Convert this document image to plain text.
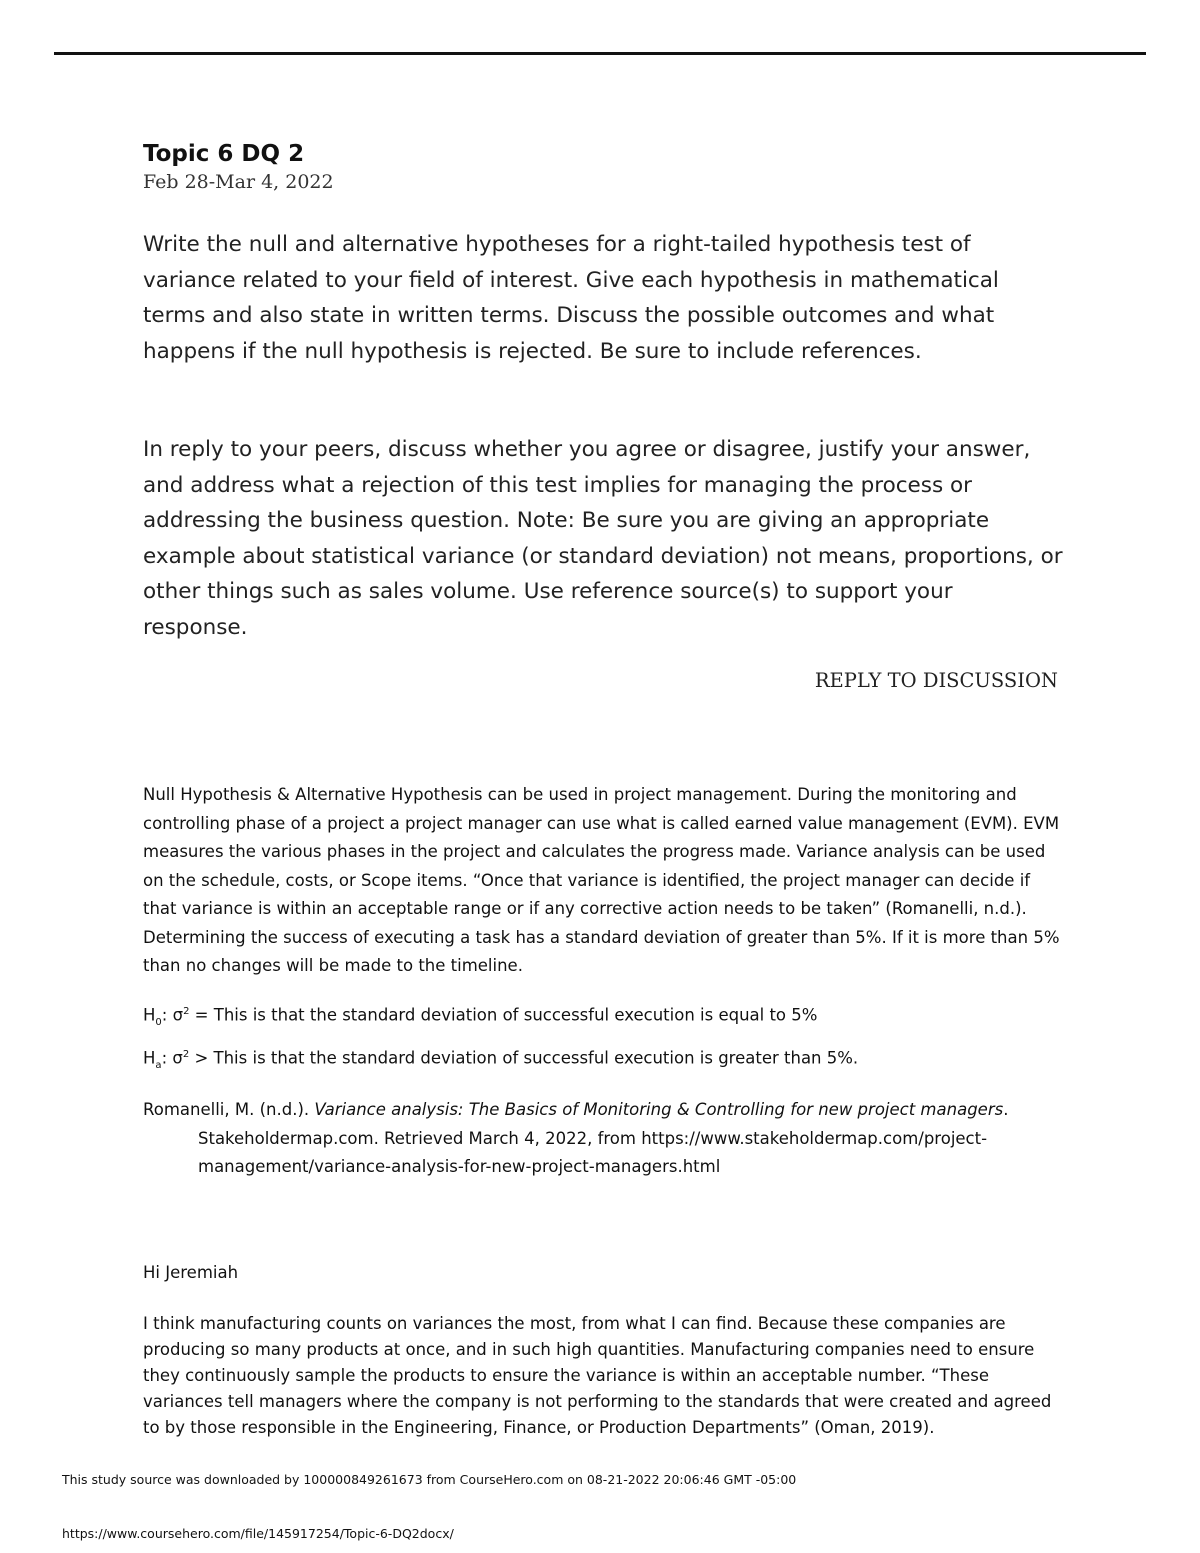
Topic 6 DQ 2
Feb 28-Mar 4, 2022

Write the null and alternative hypotheses for a right-tailed hypothesis test of variance related to your field of interest. Give each hypothesis in mathematical terms and also state in written terms. Discuss the possible outcomes and what happens if the null hypothesis is rejected. Be sure to include references.

In reply to your peers, discuss whether you agree or disagree, justify your answer, and address what a rejection of this test implies for managing the process or addressing the business question. Note: Be sure you are giving an appropriate example about statistical variance (or standard deviation) not means, proportions, or other things such as sales volume. Use reference source(s) to support your response.

REPLY TO DISCUSSION

Null Hypothesis & Alternative Hypothesis can be used in project management. During the monitoring and controlling phase of a project a project manager can use what is called earned value management (EVM). EVM measures the various phases in the project and calculates the progress made. Variance analysis can be used on the schedule, costs, or Scope items. “Once that variance is identified, the project manager can decide if that variance is within an acceptable range or if any corrective action needs to be taken” (Romanelli, n.d.). Determining the success of executing a task has a standard deviation of greater than 5%. If it is more than 5% than no changes will be made to the timeline.

$H_0$: $\sigma^2$ = This is that the standard deviation of successful execution is equal to 5%
$H_a$: $\sigma^2$ > This is that the standard deviation of successful execution is greater than 5%.
Romanelli, M. (n.d.). Variance analysis: The Basics of Monitoring & Controlling for new project managers.
Stakeholdermap.com. Retrieved March 4, 2022, from https://www.stakeholdermap.com/project-management/variance-analysis-for-new-project-managers.html
Hi Jeremiah

I think manufacturing counts on variances the most, from what I can find. Because these companies are producing so many products at once, and in such high quantities. Manufacturing companies need to ensure they continuously sample the products to ensure the variance is within an acceptable number. “These variances tell managers where the company is not performing to the standards that were created and agreed to by those responsible in the Engineering, Finance, or Production Departments” (Oman, 2019).

This study source was downloaded by 100000849261673 from CourseHero.com on 08-21-2022 20:06:46 GMT -05:00
https://www.coursehero.com/file/145917254/Topic-6-DQ2docx/
